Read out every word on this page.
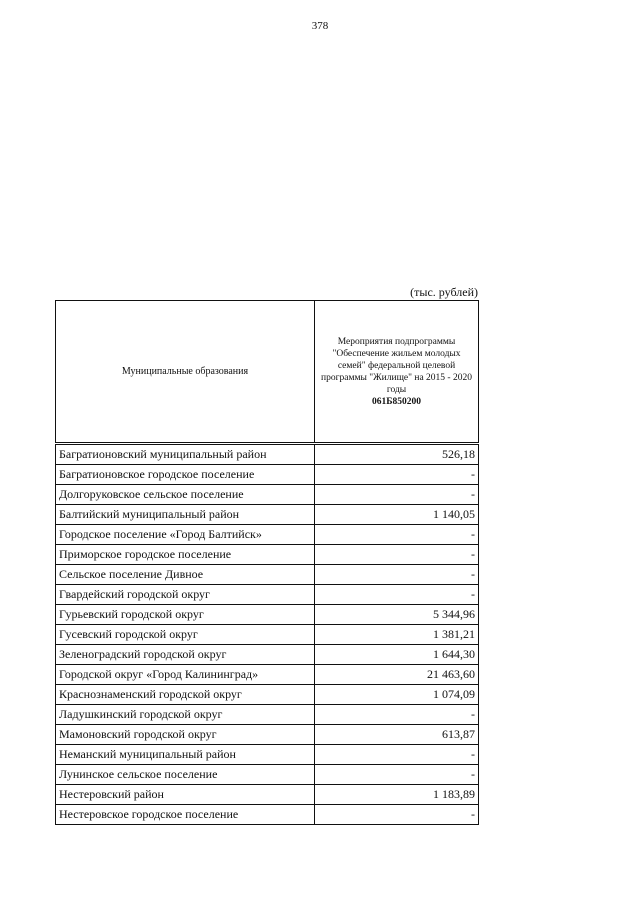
378
(тыс. рублей)
Муниципальные образования	Мероприятия подпрограммы "Обеспечение жильем молодых семей" федеральной целевой программы "Жилище" на 2015 - 2020 годы
061Б850200

Багратионовский муниципальный район	526,18
Багратионовское городское поселение	-
Долгоруковское сельское поселение	-
Балтийский муниципальный район	1 140,05
Городское поселение «Город Балтийск»	-
Приморское городское поселение	-
Сельское поселение Дивное	-
Гвардейский городской округ	-
Гурьевский городской округ	5 344,96
Гусевский городской округ	1 381,21
Зеленоградский городской округ	1 644,30
Городской округ «Город Калининград»	21 463,60
Краснознаменский городской округ	1 074,09
Ладушкинский городской округ	-
Мамоновский городской округ	613,87
Неманский муниципальный район	-
Лунинское сельское поселение	-
Нестеровский район	1 183,89
Нестеровское городское поселение	-
